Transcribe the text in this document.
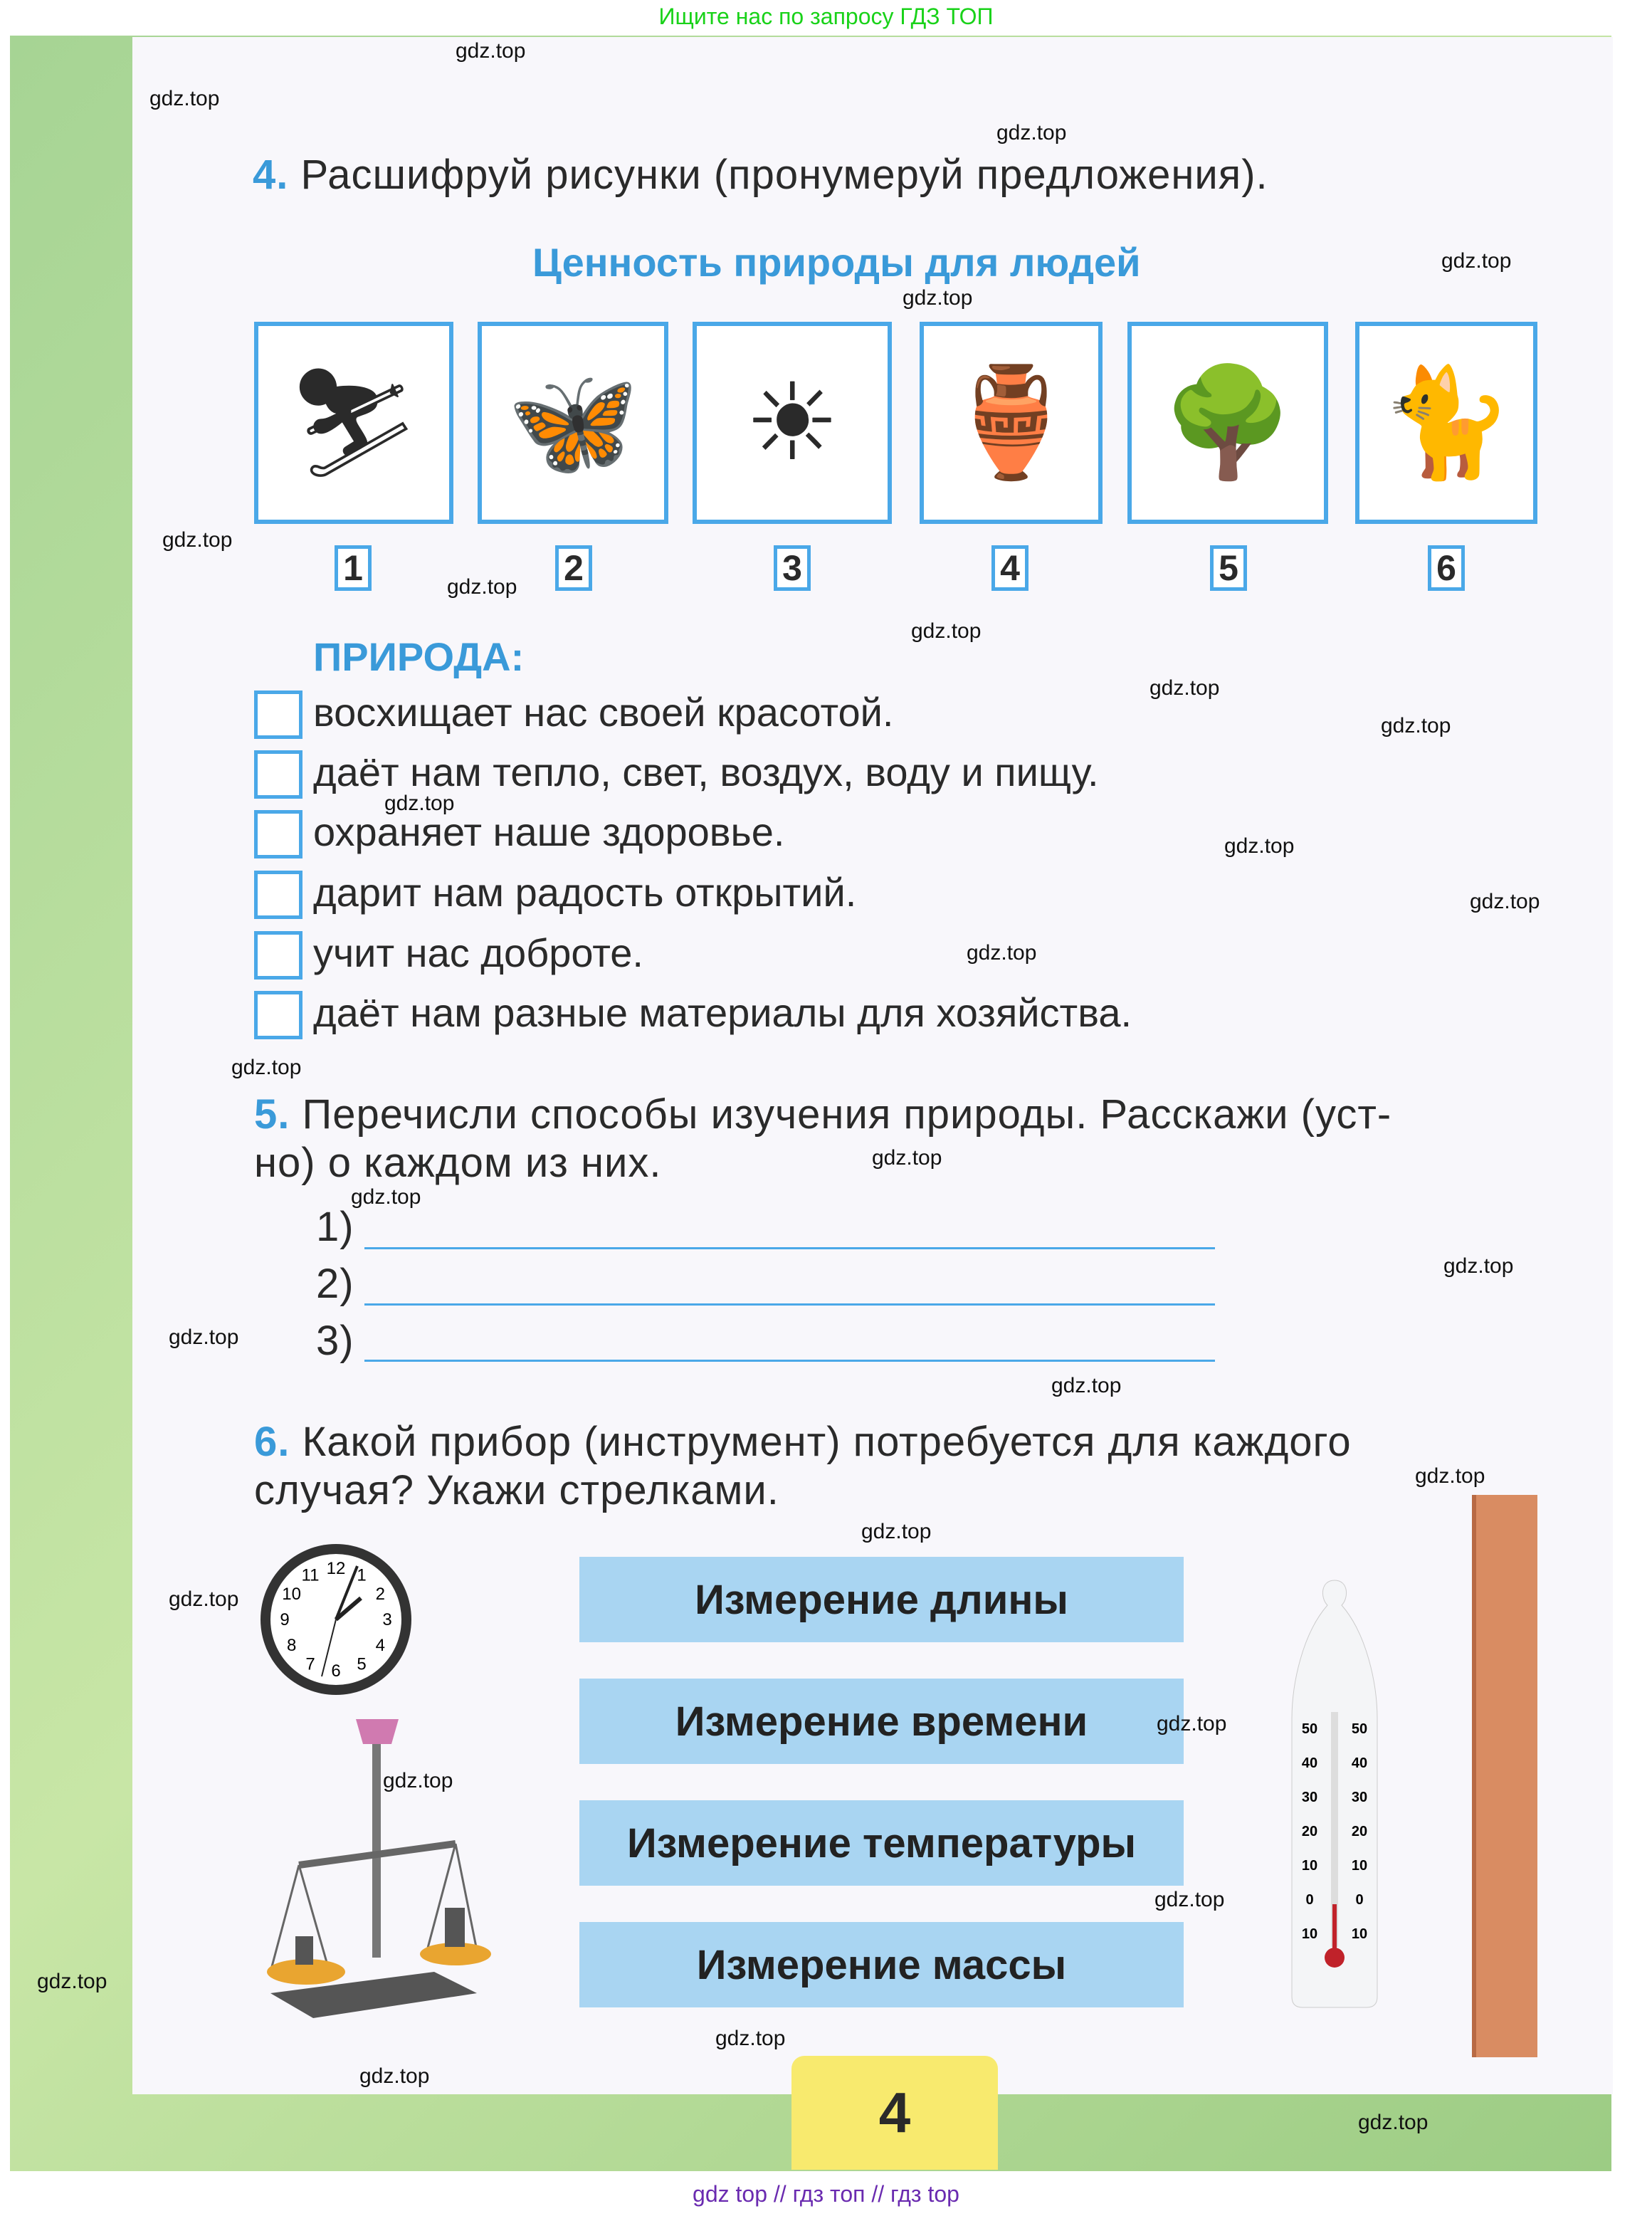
Ищите нас по запросу ГДЗ ТОП
4. Расшифруй рисунки (пронумеруй предложения).
Ценность природы для людей
⛷ 🦋 ☀ 🏺 🌳 🐈
1	2	3	4	5	6
ПРИРОДА:
восхищает нас своей красотой.
даёт нам тепло, свет, воздух, воду и пищу.
охраняет наше здоровье.
дарит нам радость открытий.
учит нас доброте.
даёт нам разные материалы для хозяйства.
5. Перечисли способы изучения природы. Расскажи (уст-
но) о каждом из них.
1)
2)
3)
6. Какой прибор (инструмент) потребуется для каждого
случая? Укажи стрелками.
Измерение длины
Измерение времени
Измерение температуры
Измерение массы
12 1
2
3
4
5
6
7
8
9
10
11
50 50
40 40
30 30
20 20
10 10
0	0
10 10
gdz top // гдз топ // гдз top
4
gdz.top
gdz.top
gdz.top
gdz.top
gdz.top
gdz.top
gdz.top
gdz.top
gdz.top
gdz.top
gdz.top
gdz.top
gdz.top
gdz.top
gdz.top
gdz.top
gdz.top
gdz.top
gdz.top
gdz.top
gdz.top
gdz.top
gdz.top
gdz.top
gdz.top
gdz.top
gdz.top
gdz.top
gdz.top
gdz.top
